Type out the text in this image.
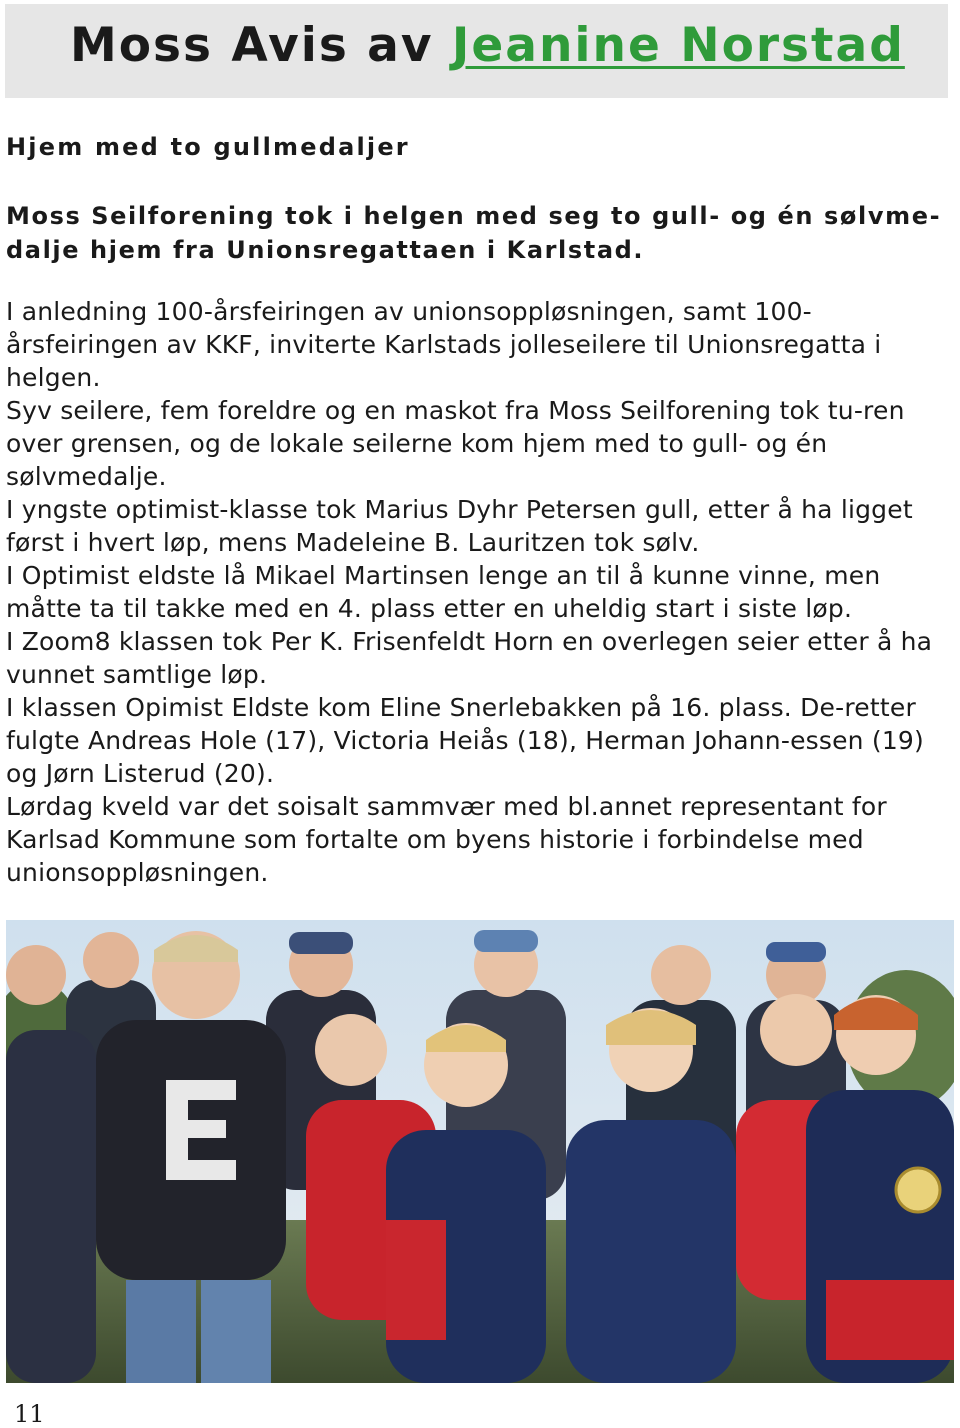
Moss Avis av Jeanine Norstad
Hjem med to gullmedaljer

Moss Seilforening tok i helgen med seg to gull- og én sølvme-dalje hjem fra Unionsregattaen i Karlstad.

I anledning 100-årsfeiringen av unionsoppløsningen, samt 100-årsfeiringen av KKF, inviterte Karlstads jolleseilere til Unionsregatta i helgen.

Syv seilere, fem foreldre og en maskot fra Moss Seilforening tok tu-ren over grensen, og de lokale seilerne kom hjem med to gull- og én sølvmedalje.

I yngste optimist-klasse tok Marius Dyhr Petersen gull, etter å ha ligget først i hvert løp, mens Madeleine B. Lauritzen tok sølv.

I Optimist eldste lå Mikael Martinsen lenge an til å kunne vinne, men måtte ta til takke med en 4. plass etter en uheldig start i siste løp.

I Zoom8 klassen tok Per K. Frisenfeldt Horn en overlegen seier etter å ha vunnet samtlige løp.

I klassen Opimist Eldste kom Eline Snerlebakken på 16. plass. De-retter fulgte Andreas Hole (17), Victoria Heiås (18), Herman Johann-essen (19) og Jørn Listerud (20).

Lørdag kveld var det soisalt sammvær med bl.annet representant for Karlsad Kommune som fortalte om byens historie i forbindelse med unionsoppløsningen.

11
